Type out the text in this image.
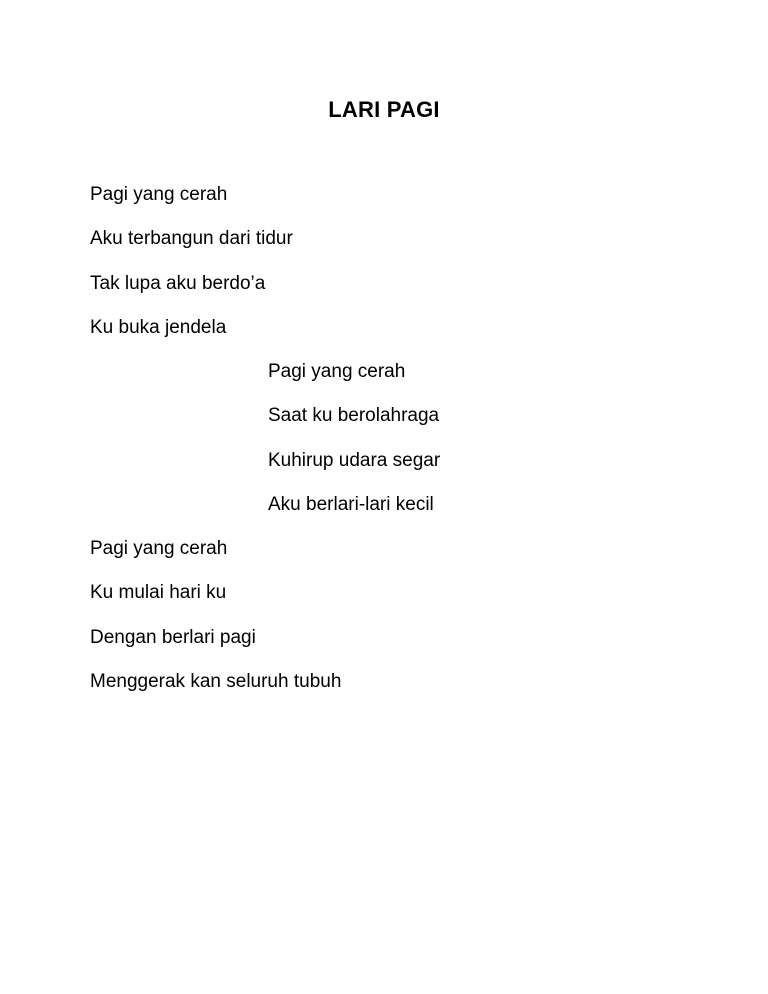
LARI PAGI
Pagi yang cerah
Aku terbangun dari tidur
Tak lupa aku berdo’a
Ku buka jendela
Pagi yang cerah
Saat ku berolahraga
Kuhirup udara segar
Aku berlari-lari kecil
Pagi yang cerah
Ku mulai hari ku
Dengan berlari pagi
Menggerak kan seluruh tubuh
